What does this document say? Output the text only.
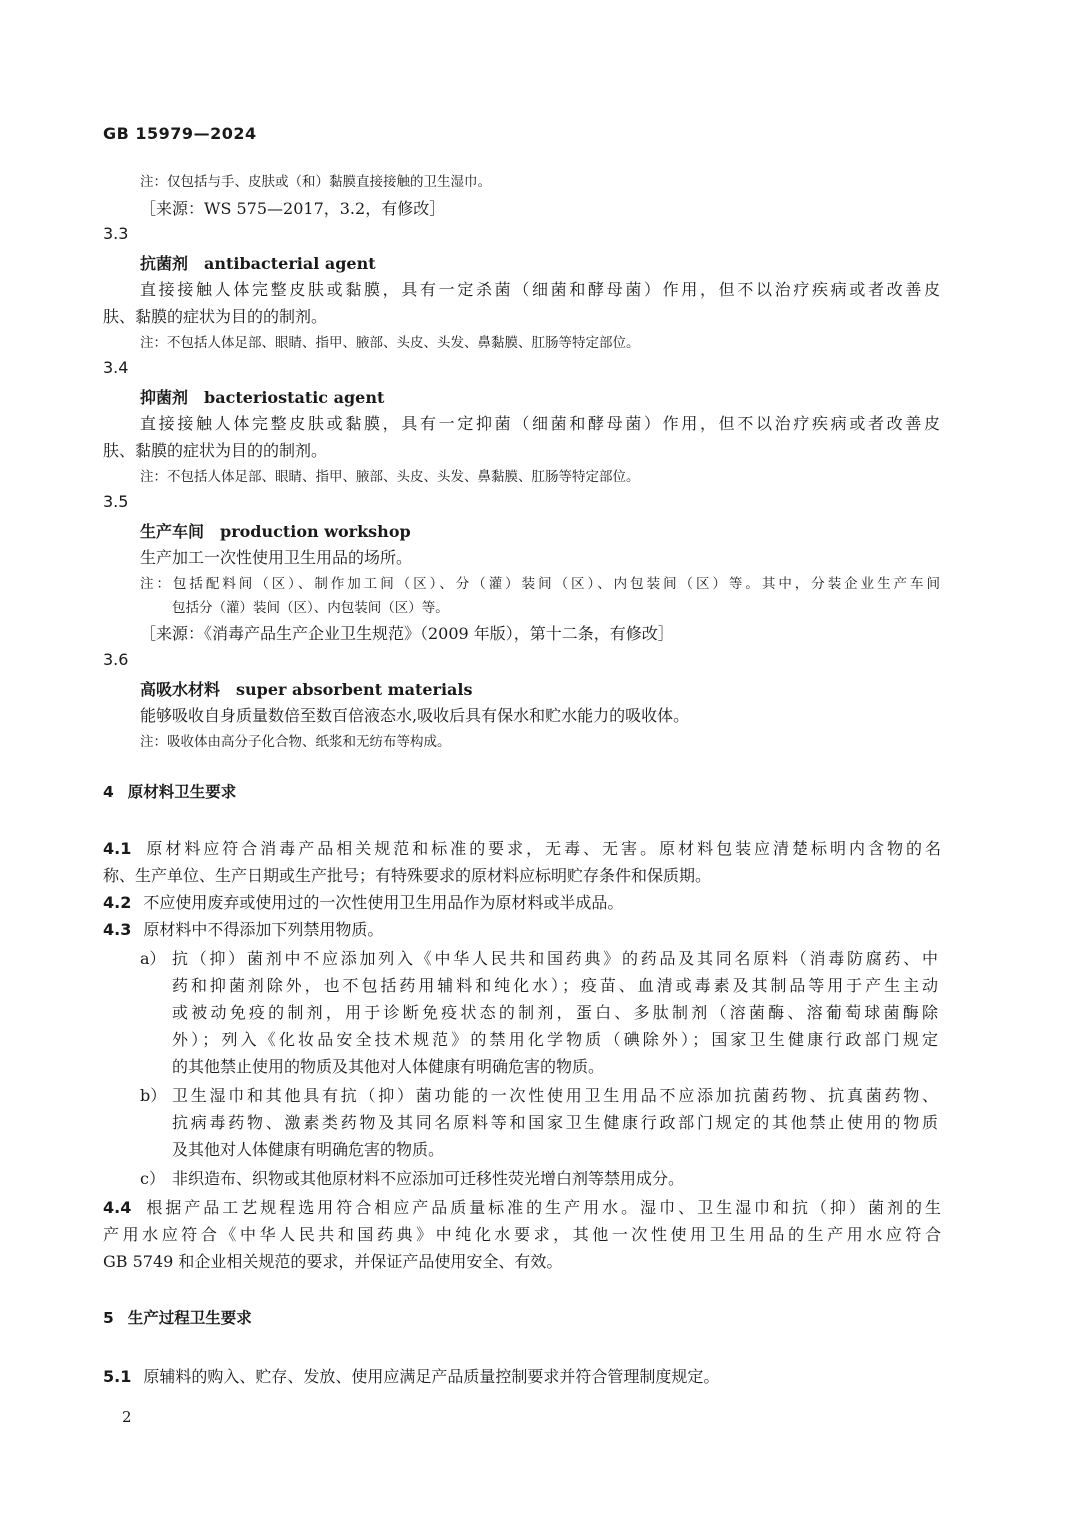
GB 15979—2024
注：仅包括与手、皮肤或（和）黏膜直接接触的卫生湿巾。
［来源：WS 575—2017，3.2，有修改］
3.3
抗菌剂 antibacterial agent
直接接触人体完整皮肤或黏膜，具有一定杀菌（细菌和酵母菌）作用，但不以治疗疾病或者改善皮
肤、黏膜的症状为目的的制剂。
注：不包括人体足部、眼睛、指甲、腋部、头皮、头发、鼻黏膜、肛肠等特定部位。
3.4
抑菌剂 bacteriostatic agent
直接接触人体完整皮肤或黏膜，具有一定抑菌（细菌和酵母菌）作用，但不以治疗疾病或者改善皮
肤、黏膜的症状为目的的制剂。
注：不包括人体足部、眼睛、指甲、腋部、头皮、头发、鼻黏膜、肛肠等特定部位。
3.5
生产车间 production workshop
生产加工一次性使用卫生用品的场所。
注：包括配料间（区）、制作加工间（区）、分（灌）装间（区）、内包装间（区）等。其中，分装企业生产车间
包括分（灌）装间（区）、内包装间（区）等。
［来源：《消毒产品生产企业卫生规范》（2009 年版），第十二条，有修改］
3.6
高吸水材料 super absorbent materials
能够吸收自身质量数倍至数百倍液态水,吸收后具有保水和贮水能力的吸收体。
注：吸收体由高分子化合物、纸浆和无纺布等构成。
4 原材料卫生要求
4.1 原材料应符合消毒产品相关规范和标准的要求，无毒、无害。原材料包装应清楚标明内含物的名
称、生产单位、生产日期或生产批号；有特殊要求的原材料应标明贮存条件和保质期。
4.2 不应使用废弃或使用过的一次性使用卫生用品作为原材料或半成品。
4.3 原材料中不得添加下列禁用物质。
a） 抗（抑）菌剂中不应添加列入《中华人民共和国药典》的药品及其同名原料（消毒防腐药、中
药和抑菌剂除外，也不包括药用辅料和纯化水）；疫苗、血清或毒素及其制品等用于产生主动
或被动免疫的制剂，用于诊断免疫状态的制剂，蛋白、多肽制剂（溶菌酶、溶葡萄球菌酶除
外）；列入《化妆品安全技术规范》的禁用化学物质（碘除外）；国家卫生健康行政部门规定
的其他禁止使用的物质及其他对人体健康有明确危害的物质。
b） 卫生湿巾和其他具有抗（抑）菌功能的一次性使用卫生用品不应添加抗菌药物、抗真菌药物、
抗病毒药物、激素类药物及其同名原料等和国家卫生健康行政部门规定的其他禁止使用的物质
及其他对人体健康有明确危害的物质。
c） 非织造布、织物或其他原材料不应添加可迁移性荧光增白剂等禁用成分。
4.4 根据产品工艺规程选用符合相应产品质量标准的生产用水。湿巾、卫生湿巾和抗（抑）菌剂的生
产用水应符合《中华人民共和国药典》中纯化水要求，其他一次性使用卫生用品的生产用水应符合
GB 5749 和企业相关规范的要求，并保证产品使用安全、有效。
5 生产过程卫生要求
5.1 原辅料的购入、贮存、发放、使用应满足产品质量控制要求并符合管理制度规定。
2
